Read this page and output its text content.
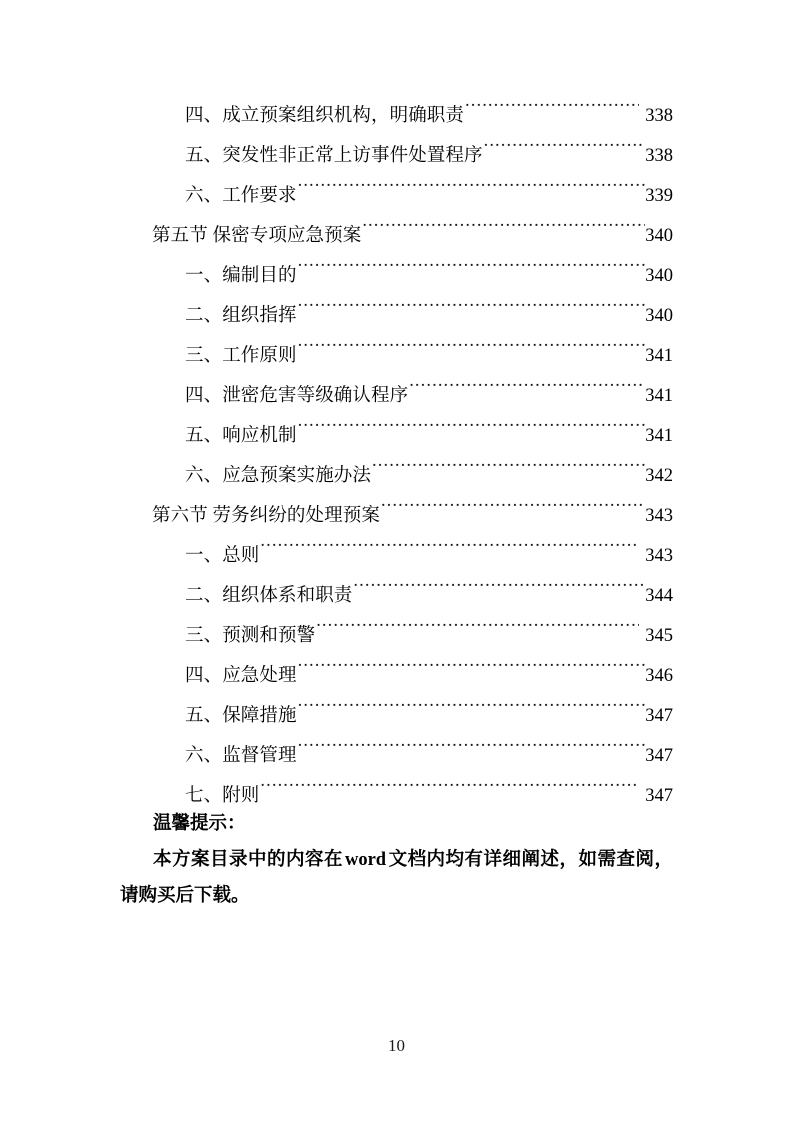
四、成立预案组织机构，明确职责 .....	338
五、突发性非正常上访事件处置程序 .....	338
六、工作要求 .....	339
第五节 保密专项应急预案 .....	340
一、编制目的 .....	340
二、组织指挥 .....	340
三、工作原则 .....	341
四、泄密危害等级确认程序 .....	341
五、响应机制 .....	341
六、应急预案实施办法 .....	342
第六节 劳务纠纷的处理预案 .....	343
一、总则 .....	343
二、组织体系和职责 .....	344
三、预测和预警 .....	345
四、应急处理 .....	346
五、保障措施 .....	347
六、监督管理 .....	347
七、附则 .....	347
温馨提示：
本方案目录中的内容在 word 文档内均有详细阐述，如需查阅，请购买后下载。
10
